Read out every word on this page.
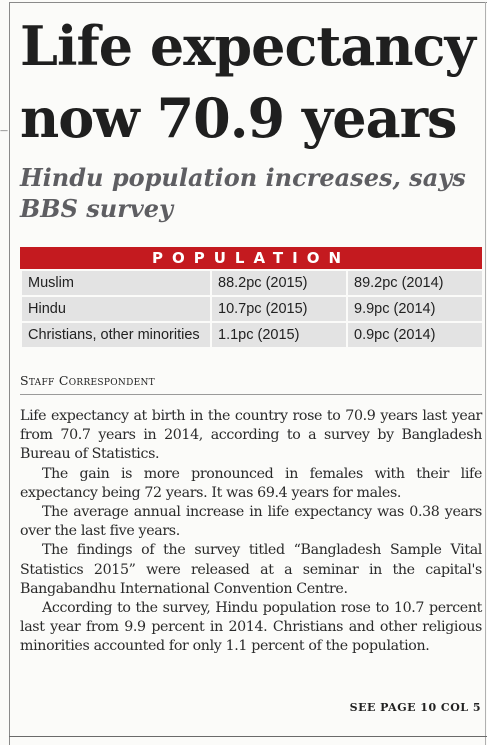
—
Life expectancy now 70.9 years
Hindu population increases, says BBS survey
POPULATION
Muslim	88.2pc (2015)	89.2pc (2014)
Hindu	10.7pc (2015)	9.9pc (2014)
Christians, other minorities	1.1pc (2015)	0.9pc (2014)
Staff Correspondent

Life expectancy at birth in the country rose to 70.9 years last year from 70.7 years in 2014, according to a survey by Bangladesh Bureau of Statistics.

The gain is more pronounced in females with their life expectancy being 72 years. It was 69.4 years for males.

The average annual increase in life expectancy was 0.38 years over the last five years.

The findings of the survey titled “Bangladesh Sample Vital Statistics 2015” were released at a seminar in the capital's Bangabandhu International Convention Centre.

According to the survey, Hindu population rose to 10.7 percent last year from 9.9 percent in 2014. Christians and other religious minorities accounted for only 1.1 percent of the population.

SEE PAGE 10 COL 5
